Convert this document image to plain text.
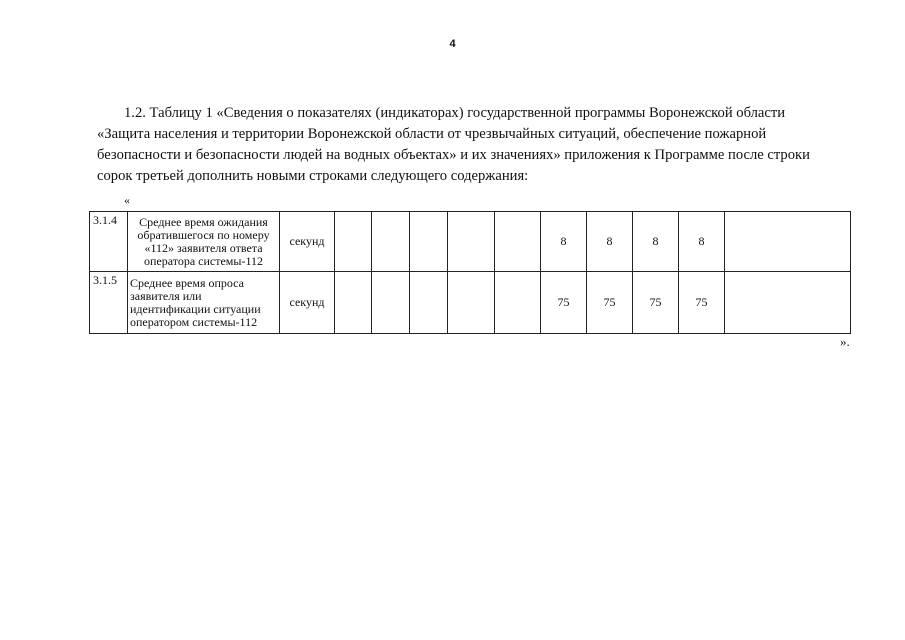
4

1.2. Таблицу 1 «Сведения о показателях (индикаторах) государственной программы Воронежской области
«Защита населения и территории Воронежской области от чрезвычайных ситуаций, обеспечение пожарной
безопасности и безопасности людей на водных объектах» и их значениях» приложения к Программе после строки
сорок третьей дополнить новыми строками следующего содержания:

«
3.1.4	Среднее время ожидания обратившегося по номеру «112» заявителя ответа оператора системы-112	секунд						8	8	8	8	
3.1.5	Среднее время опроса заявителя или идентификации ситуации оператором системы-112	секунд						75	75	75	75	
».
